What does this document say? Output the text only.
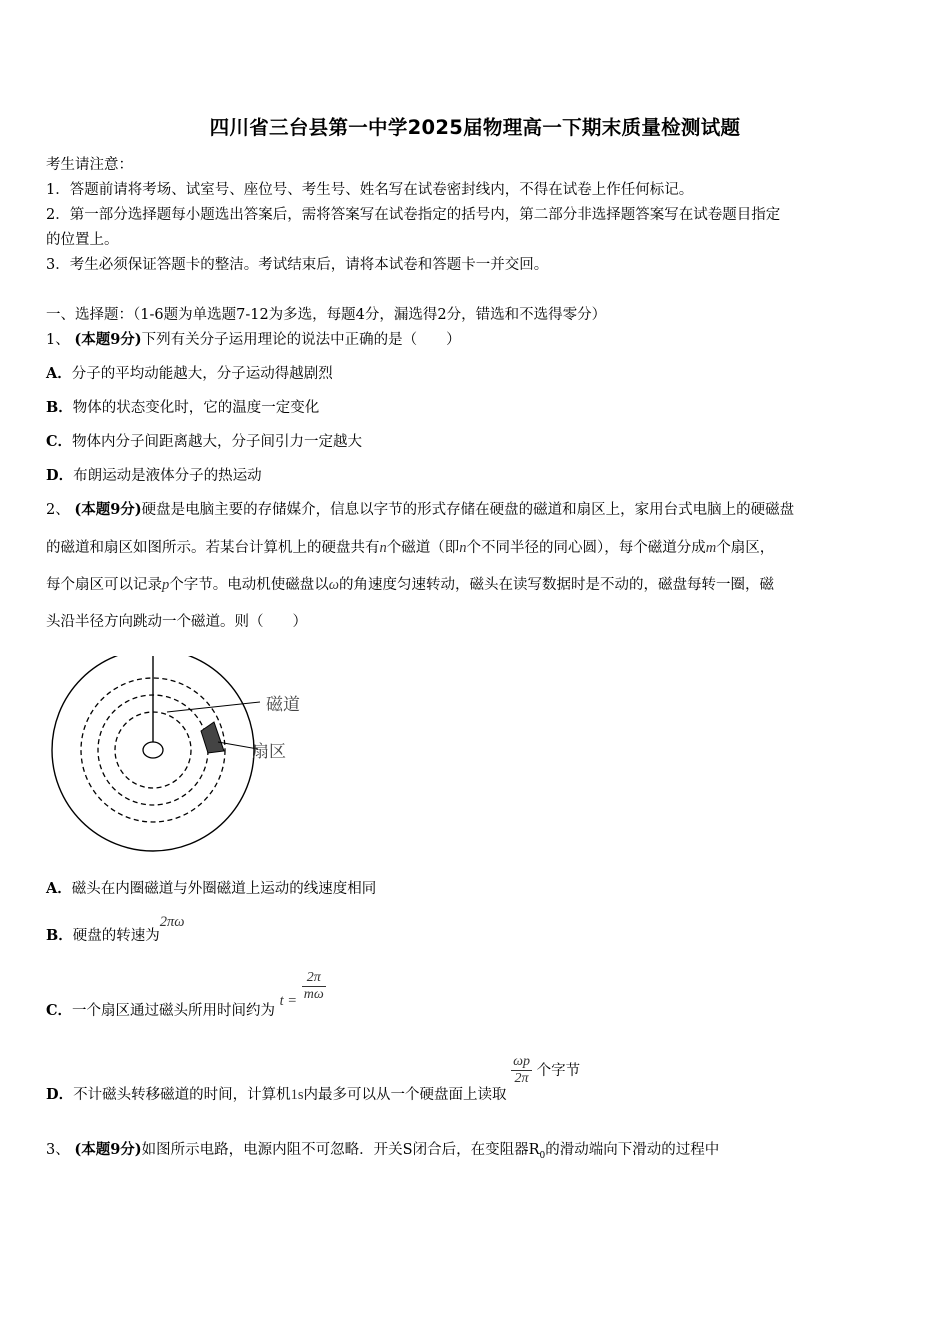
四川省三台县第一中学2025届物理高一下期末质量检测试题
考生请注意：
1．答题前请将考场、试室号、座位号、考生号、姓名写在试卷密封线内，不得在试卷上作任何标记。
2．第一部分选择题每小题选出答案后，需将答案写在试卷指定的括号内，第二部分非选择题答案写在试卷题目指定
的位置上。
3．考生必须保证答题卡的整洁。考试结束后，请将本试卷和答题卡一并交回。
一、选择题：（1-6题为单选题7-12为多选，每题4分，漏选得2分，错选和不选得零分）
1、 (本题9分)下列有关分子运用理论的说法中正确的是（　　）
A．分子的平均动能越大，分子运动得越剧烈
B．物体的状态变化时，它的温度一定变化
C．物体内分子间距离越大，分子间引力一定越大
D．布朗运动是液体分子的热运动
2、 (本题9分)硬盘是电脑主要的存储媒介，信息以字节的形式存储在硬盘的磁道和扇区上，家用台式电脑上的硬磁盘
的磁道和扇区如图所示。若某台计算机上的硬盘共有n个磁道（即n个不同半径的同心圆），每个磁道分成m个扇区，
每个扇区可以记录p个字节。电动机使磁盘以ω的角速度匀速转动，磁头在读写数据时是不动的，磁盘每转一圈，磁
头沿半径方向跳动一个磁道。则（　　）
磁道
扇区
A．磁头在内圈磁道与外圈磁道上运动的线速度相同
B．硬盘的转速为2πω
C．一个扇区通过磁头所用时间约为 $t = \frac{2\pi}{m\omega}$
D．不计磁头转移磁道的时间，计算机1s内最多可以从一个硬盘面上读取
$\frac{\omega p}{2\pi}$ 个字节
3、 (本题9分)如图所示电路，电源内阻不可忽略．开关S闭合后，在变阻器$R_0$的滑动端向下滑动的过程中
